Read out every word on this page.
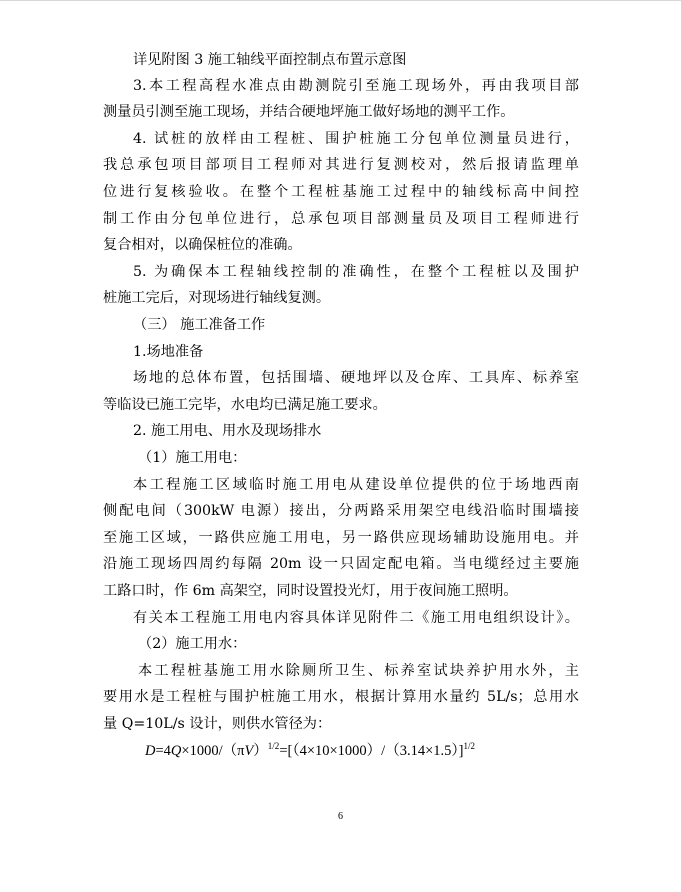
详见附图 3 施工轴线平面控制点布置示意图
3.本工程高程水准点由勘测院引至施工现场外，再由我项目部
测量员引测至施工现场，并结合硬地坪施工做好场地的测平工作。
4. 试桩的放样由工程桩、围护桩施工分包单位测量员进行，
我总承包项目部项目工程师对其进行复测校对，然后报请监理单
位进行复核验收。在整个工程桩基施工过程中的轴线标高中间控
制工作由分包单位进行，总承包项目部测量员及项目工程师进行
复合相对，以确保桩位的准确。
5. 为确保本工程轴线控制的准确性，在整个工程桩以及围护
桩施工完后，对现场进行轴线复测。
（三） 施工准备工作
1.场地准备
场地的总体布置，包括围墙、硬地坪以及仓库、工具库、标养室
等临设已施工完毕，水电均已满足施工要求。
2. 施工用电、用水及现场排水
（1）施工用电：
本工程施工区域临时施工用电从建设单位提供的位于场地西南
侧配电间（300kW 电源）接出，分两路采用架空电线沿临时围墙接
至施工区域，一路供应施工用电，另一路供应现场辅助设施用电。并
沿施工现场四周约每隔 20m 设一只固定配电箱。当电缆经过主要施
工路口时，作 6m 高架空，同时设置投光灯，用于夜间施工照明。
有关本工程施工用电内容具体详见附件二《施工用电组织设计》。
（2）施工用水：
本工程桩基施工用水除厕所卫生、标养室试块养护用水外，主
要用水是工程桩与围护桩施工用水，根据计算用水量约 5L/s；总用水
量 Q=10L/s 设计，则供水管径为：
$D=4Q\times 1000/(\pi V)^{1/2}=[(4\times 10\times 1000)/(3.14\times 1.5)]^{1/2}$
6
